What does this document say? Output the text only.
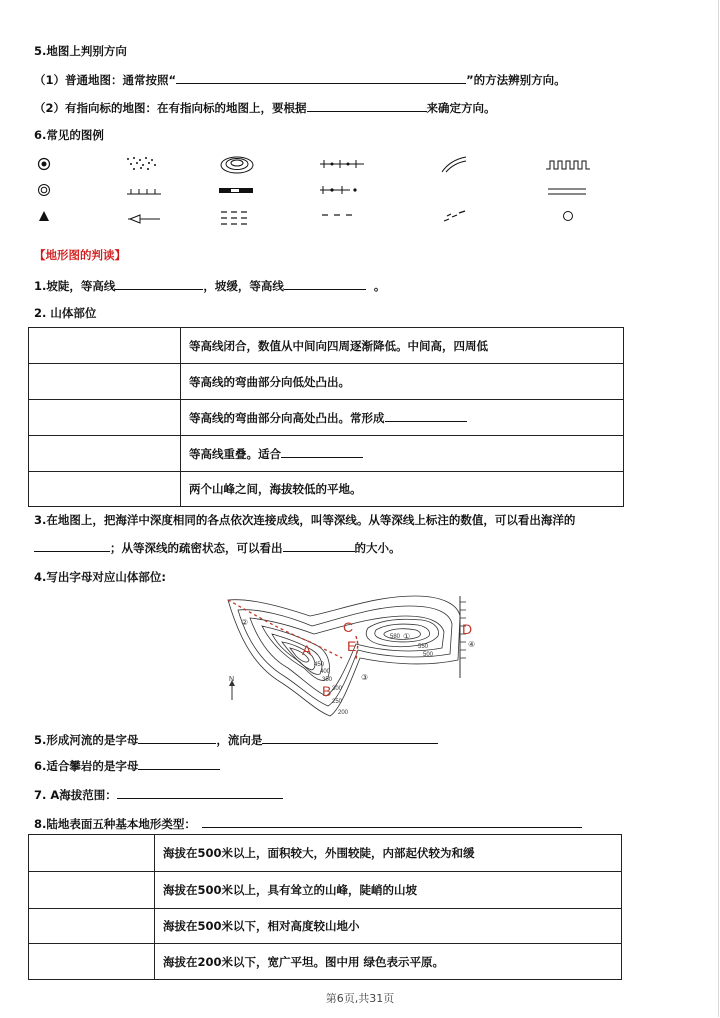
5.地图上判别方向
（1）普通地图：通常按照“	”的方法辨别方向。
（2）有指向标的地图：在有指向标的地图上，要根据	来确定方向。
6.常见的图例
【地形图的判读】
1.坡陡，等高线	，坡缓，等高线	。
2. 山体部位
	等高线闭合，数值从中间向四周逐渐降低。中间高，四周低
	等高线的弯曲部分向低处凸出。
	等高线的弯曲部分向高处凸出。常形成
	等高线重叠。适合
	两个山峰之间，海拔较低的平地。
3.在地图上，把海洋中深度相同的各点依次连接成线，叫等深线。从等深线上标注的数值，可以看出海洋的
；从等深线的疏密状态，可以看出	的大小。
4.写出字母对应山体部位:
N
A
B
C	D
E
①
②
③
④
580
550
500
450
400
350
300
250
200
5.形成河流的是字母	，流向是
6.适合攀岩的是字母
7. A海拔范围：
8.陆地表面五种基本地形类型：
	海拔在500米以上，面积较大，外围较陡，内部起伏较为和缓
	海拔在500米以上，具有耸立的山峰，陡峭的山坡
	海拔在500米以下，相对高度较山地小
	海拔在200米以下，宽广平坦。图中用 绿色表示平原。
第6页,共31页
